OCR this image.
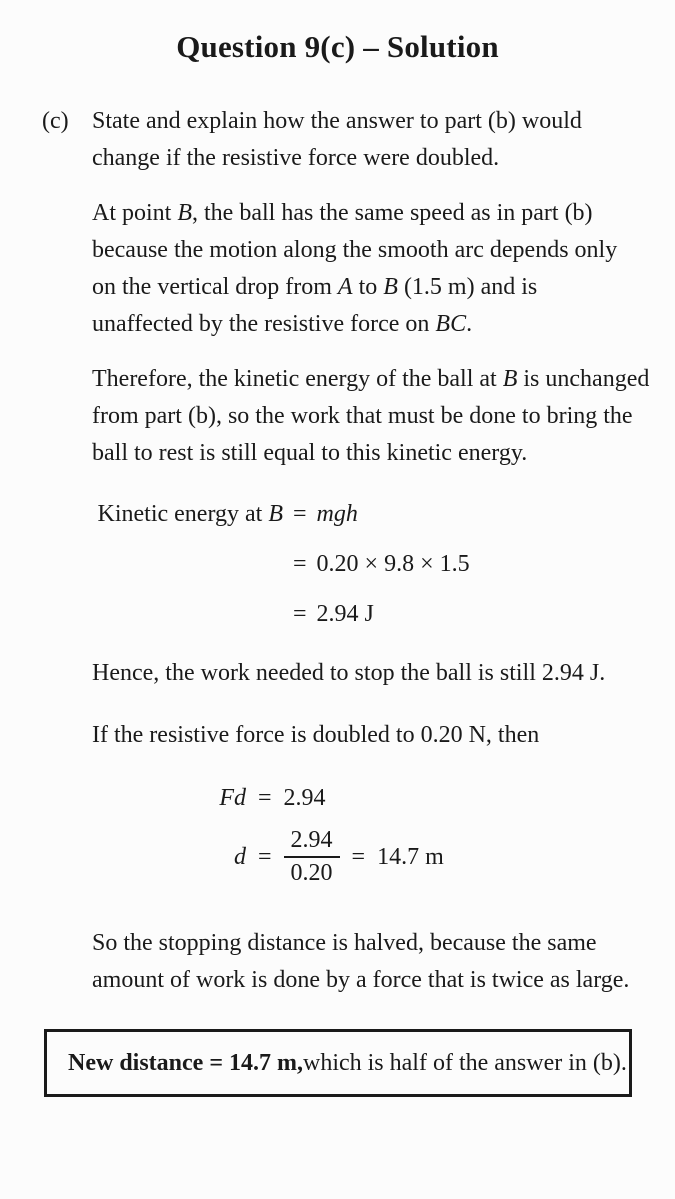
Question 9(c) – Solution
(c) State and explain how the answer to part (b) would
change if the resistive force were doubled.
At point B, the ball has the same speed as in part (b)
because the motion along the smooth arc depends only
on the vertical drop from A to B (1.5 m) and is
unaffected by the resistive force on BC.
Therefore, the kinetic energy of the ball at B is unchanged
from part (b), so the work that must be done to bring the
ball to rest is still equal to this kinetic energy.
Kinetic energy at B = mgh
= 0.20 × 9.8 × 1.5
= 2.94 J
Hence, the work needed to stop the ball is still 2.94 J.
If the resistive force is doubled to 0.20 N, then
Fd = 2.94
$d = \frac{2.94}{0.20} = 14.7$ m
So the stopping distance is halved, because the same
amount of work is done by a force that is twice as large.
New distance = 14.7 m, which is half of the answer in (b).
